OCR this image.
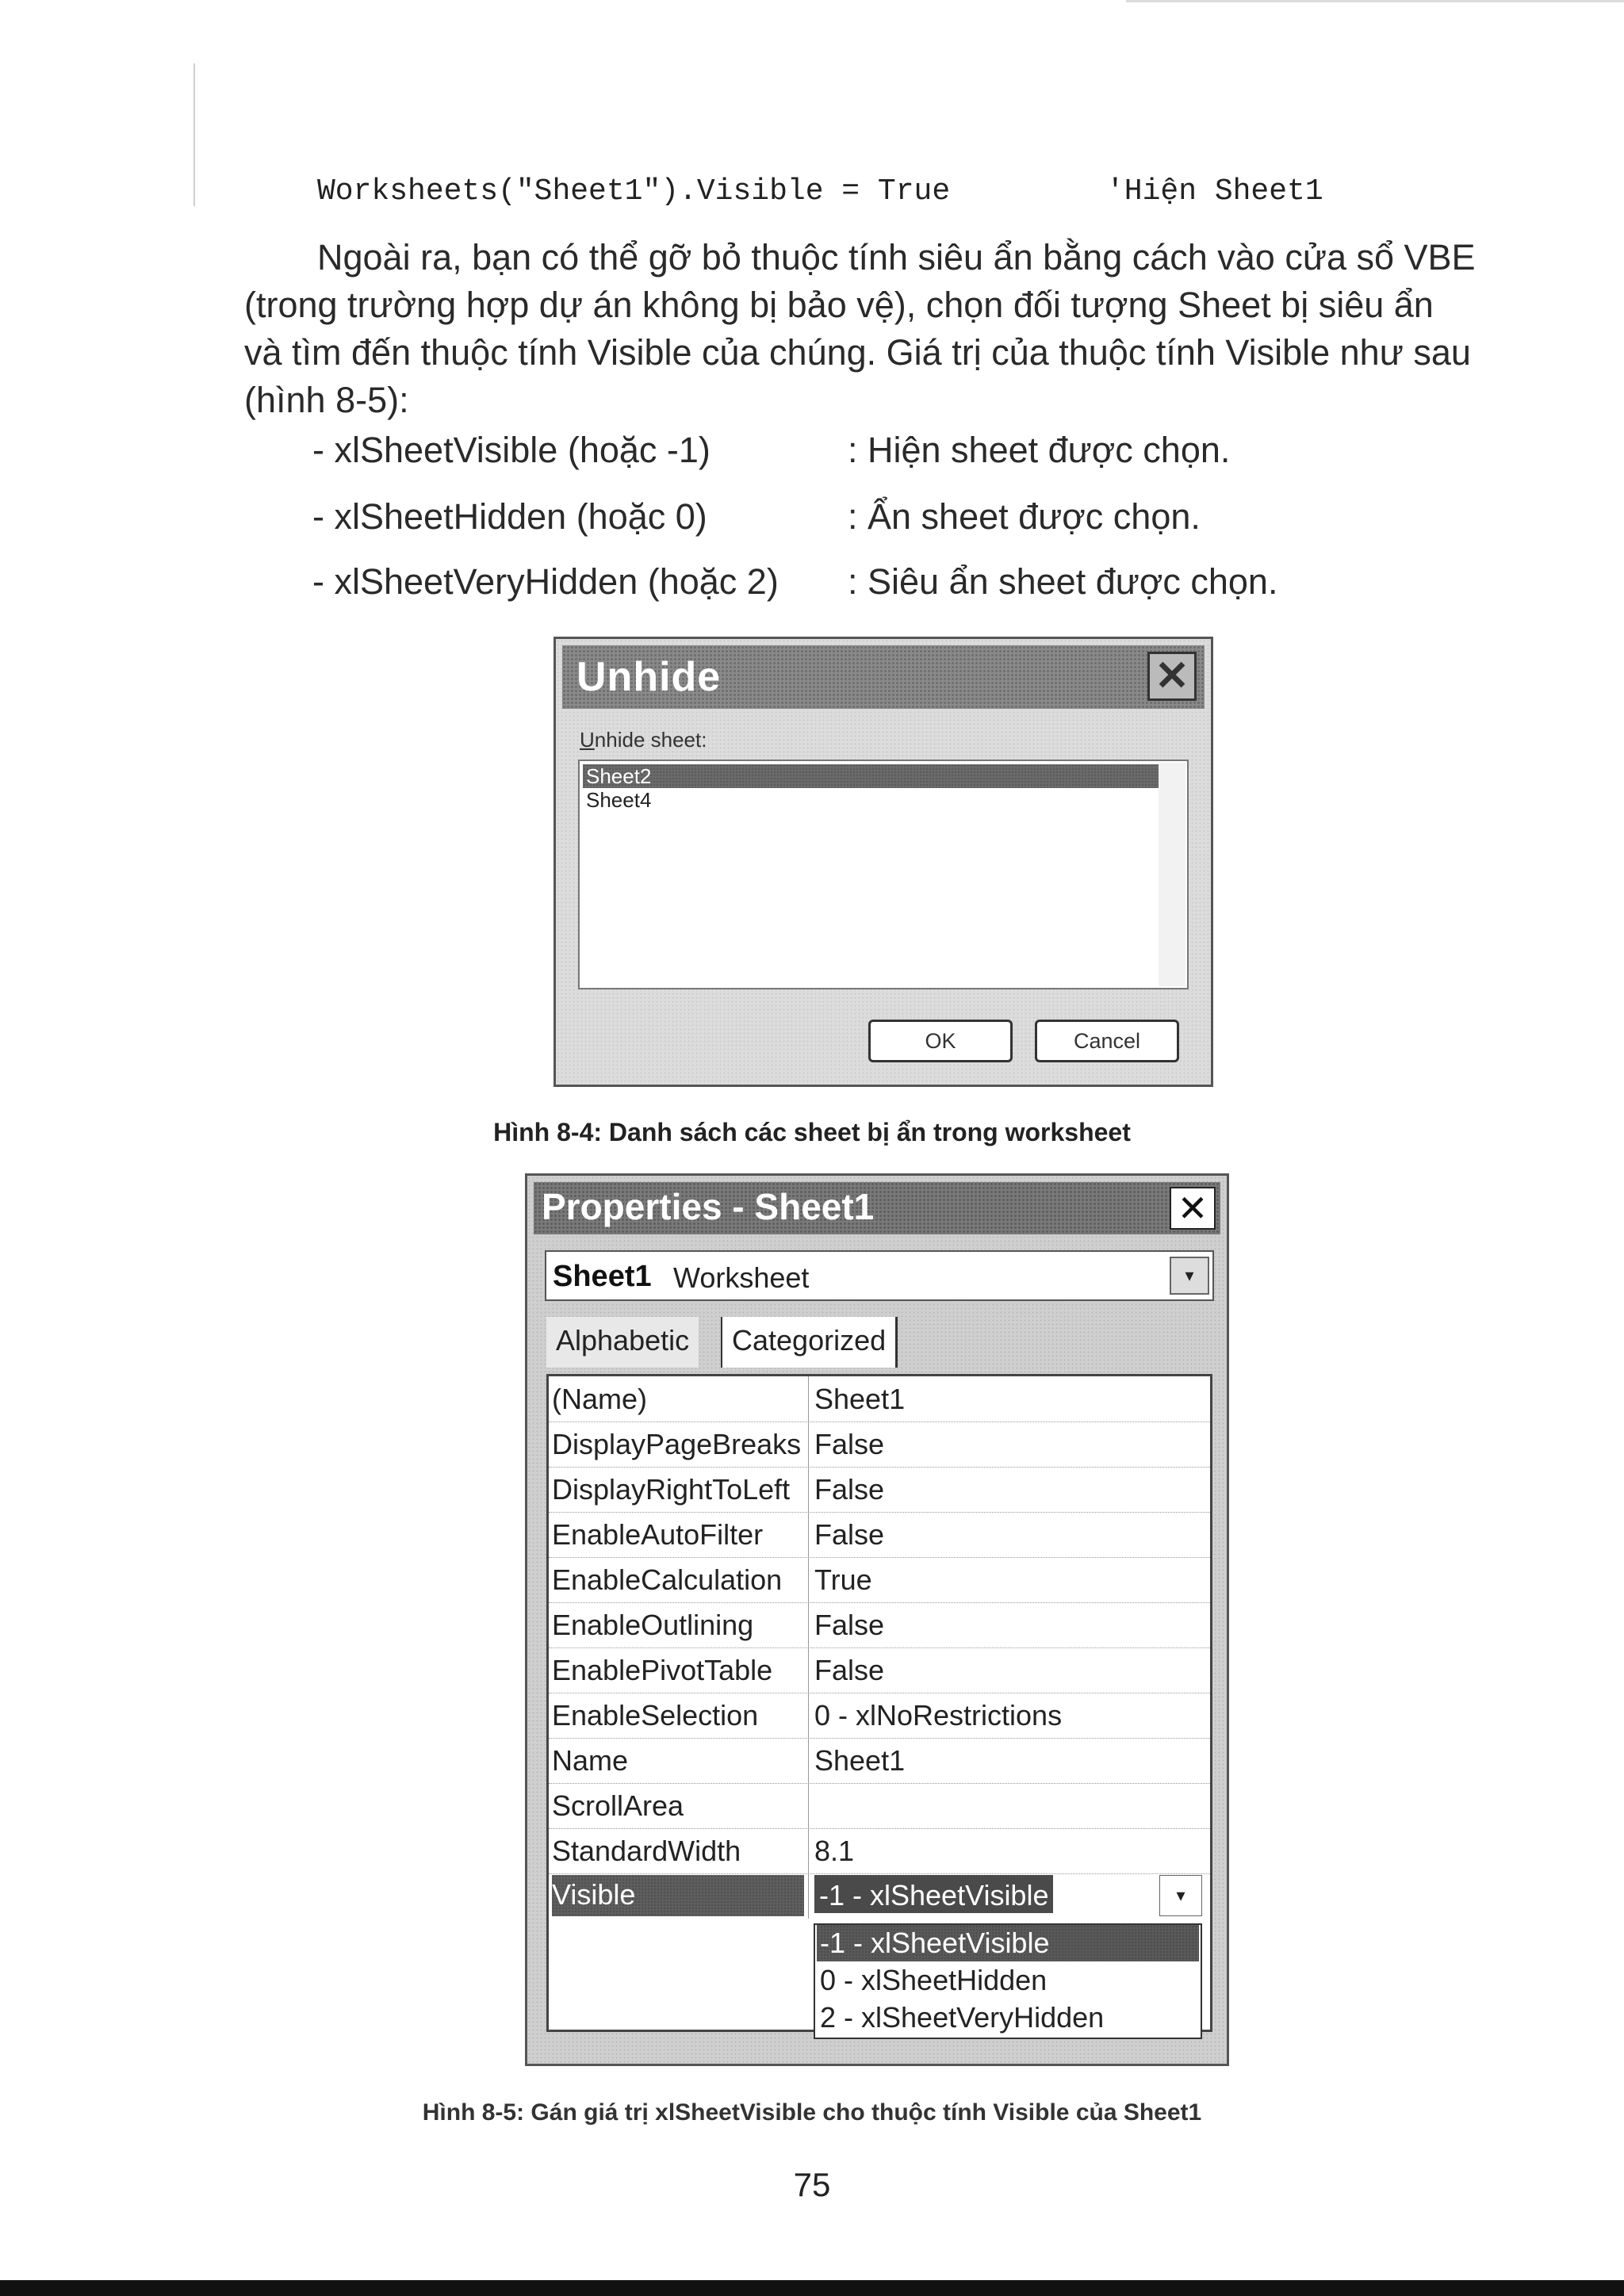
Worksheets("Sheet1").Visible = True	'Hiện Sheet1
Ngoài ra, bạn có thể gỡ bỏ thuộc tính siêu ẩn bằng cách vào cửa sổ VBE
(trong trường hợp dự án không bị bảo vệ), chọn đối tượng Sheet bị siêu ẩn
và tìm đến thuộc tính Visible của chúng. Giá trị của thuộc tính Visible như sau
(hình 8-5):
- xlSheetVisible (hoặc -1)	: Hiện sheet được chọn.
- xlSheetHidden (hoặc 0)	: Ẩn sheet được chọn.
- xlSheetVeryHidden (hoặc 2) : Siêu ẩn sheet được chọn.
Unhide	✕
Unhide sheet:
Sheet2
Sheet4
OK	Cancel
Hình 8-4: Danh sách các sheet bị ẩn trong worksheet
Properties - Sheet1	✕
Sheet1 Worksheet	▾
Alphabetic	Categorized
(Name)	Sheet1
DisplayPageBreaks False
DisplayRightToLeft False
EnableAutoFilter	False
EnableCalculation	True
EnableOutlining	False
EnablePivotTable	False
EnableSelection	0 - xlNoRestrictions
Name	Sheet1
ScrollArea
StandardWidth	8.1
Visible	-1 - xlSheetVisible	▾
-1 - xlSheetVisible
0 - xlSheetHidden
2 - xlSheetVeryHidden
Hình 8-5: Gán giá trị xlSheetVisible cho thuộc tính Visible của Sheet1
75
